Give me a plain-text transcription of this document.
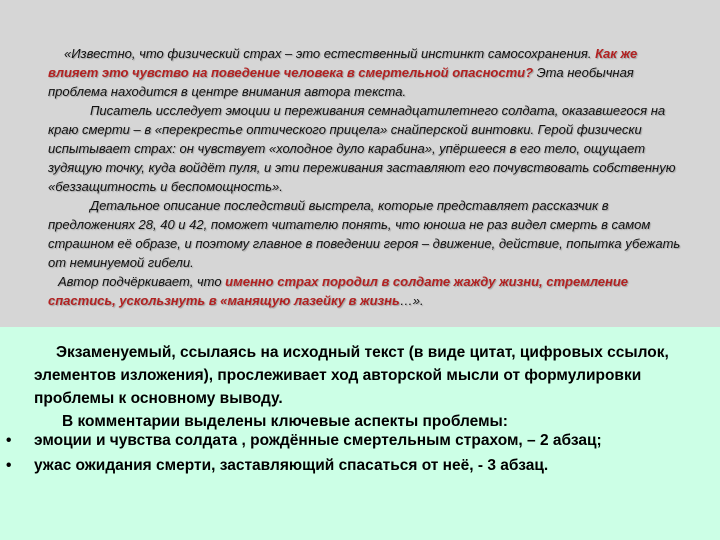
«Известно, что физический страх – это естественный инстинкт самосохранения. Как же влияет это чувство на поведение человека в смертельной опасности? Эта необычная проблема находится в центре внимания автора текста.

Писатель исследует эмоции и переживания семнадцатилетнего солдата, оказавшегося на краю смерти – в «перекрестье оптического прицела» снайперской винтовки. Герой физически испытывает страх: он чувствует «холодное дуло карабина», упёршееся в его тело, ощущает зудящую точку, куда войдёт пуля, и эти переживания заставляют его почувствовать собственную «беззащитность и беспомощность».

Детальное описание последствий выстрела, которые представляет рассказчик в предложениях 28, 40 и 42, поможет читателю понять, что юноша не раз видел смерть в самом страшном её образе, и поэтому главное в поведении героя – движение, действие, попытка убежать от неминуемой гибели.

Автор подчёркивает, что именно страх породил в солдате жажду жизни, стремление спастись, ускользнуть в «манящую лазейку в жизнь…».

Экзаменуемый, ссылаясь на исходный текст (в виде цитат, цифровых ссылок, элементов изложения), прослеживает ход авторской мысли от формулировки проблемы к основному выводу.

В комментарии выделены ключевые аспекты проблемы:

• эмоции и чувства солдата , рождённые смертельным страхом, – 2 абзац;
• ужас ожидания смерти, заставляющий спасаться от неё, - 3 абзац.
